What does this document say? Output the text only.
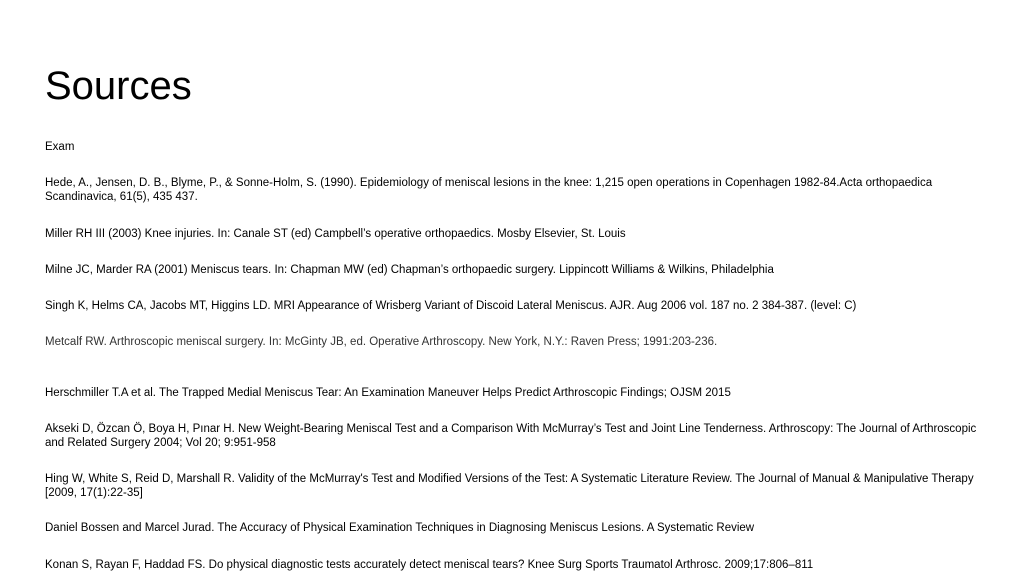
Sources
Exam
Hede, A., Jensen, D. B., Blyme, P., & Sonne-Holm, S. (1990). Epidemiology of meniscal lesions in the knee: 1,215 open operations in Copenhagen 1982-84.Acta orthopaedica Scandinavica, 61(5), 435 437.
Miller RH III (2003) Knee injuries. In: Canale ST (ed) Campbell’s operative orthopaedics. Mosby Elsevier, St. Louis
Milne JC, Marder RA (2001) Meniscus tears. In: Chapman MW (ed) Chapman’s orthopaedic surgery. Lippincott Williams & Wilkins, Philadelphia
Singh K, Helms CA, Jacobs MT, Higgins LD. MRI Appearance of Wrisberg Variant of Discoid Lateral Meniscus. AJR. Aug 2006 vol. 187 no. 2 384-387. (level: C)
Metcalf RW. Arthroscopic meniscal surgery. In: McGinty JB, ed. Operative Arthroscopy. New York, N.Y.: Raven Press; 1991:203-236.
Herschmiller T.A et al. The Trapped Medial Meniscus Tear: An Examination Maneuver Helps Predict Arthroscopic Findings; OJSM 2015
Akseki D, Özcan Ö, Boya H, Pınar H. New Weight-Bearing Meniscal Test and a Comparison With McMurray’s Test and Joint Line Tenderness. Arthroscopy: The Journal of Arthroscopic and Related Surgery 2004; Vol 20; 9:951-958
Hing W, White S, Reid D, Marshall R. Validity of the McMurray's Test and Modified Versions of the Test: A Systematic Literature Review. The Journal of Manual & Manipulative Therapy [2009, 17(1):22-35]
Daniel Bossen and Marcel Jurad. The Accuracy of Physical Examination Techniques in Diagnosing Meniscus Lesions. A Systematic Review
Konan S, Rayan F, Haddad FS. Do physical diagnostic tests accurately detect meniscal tears? Knee Surg Sports Traumatol Arthrosc. 2009;17:806–811
